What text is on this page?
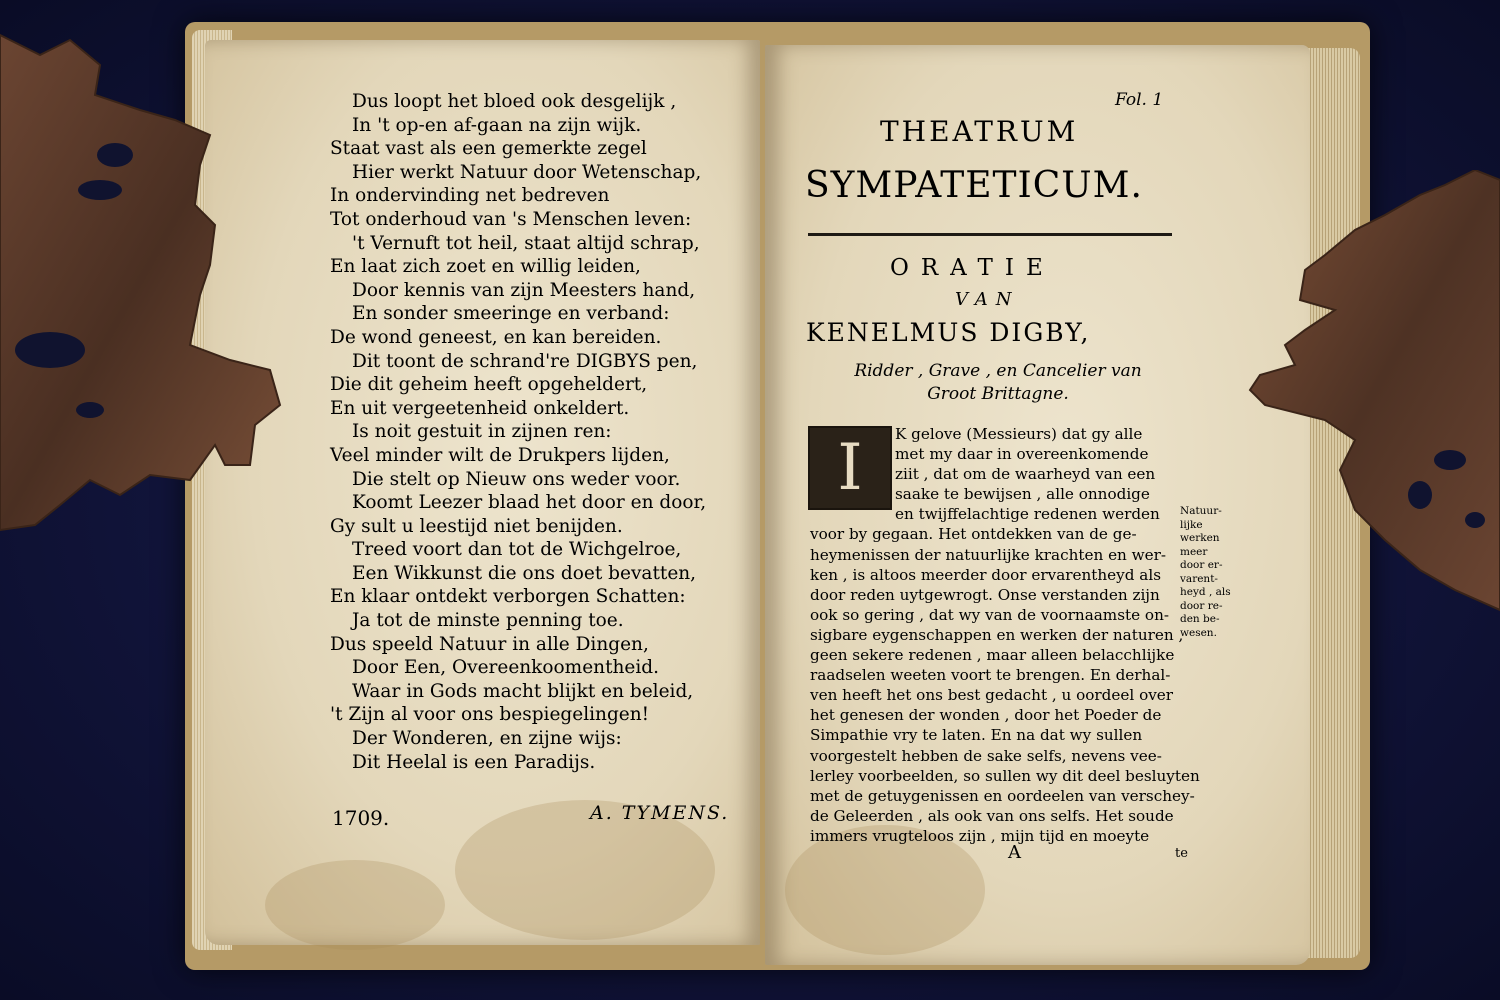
Dus loopt het bloed ook desgelijk ,
In 't op-en af-gaan na zijn wijk.
Staat vast als een gemerkte zegel
Hier werkt Natuur door Wetenschap,
In ondervinding net bedreven
Tot onderhoud van 's Menschen leven:
't Vernuft tot heil, staat altijd schrap,
En laat zich zoet en willig leiden,
Door kennis van zijn Meesters hand,
En sonder smeeringe en verband:
De wond geneest, en kan bereiden.
Dit toont de schrand're DIGBYS pen,
Die dit geheim heeft opgeheldert,
En uit vergeetenheid onkeldert.
Is noit gestuit in zijnen ren:
Veel minder wilt de Drukpers lijden,
Die stelt op Nieuw ons weder voor.
Koomt Leezer blaad het door en door,
Gy sult u leestijd niet benijden.
Treed voort dan tot de Wichgelroe,
Een Wikkunst die ons doet bevatten,
En klaar ontdekt verborgen Schatten:
Ja tot de minste penning toe.
Dus speeld Natuur in alle Dingen,
Door Een, Overeenkoomentheid.
Waar in Gods macht blijkt en beleid,
't Zijn al voor ons bespiegelingen!
Der Wonderen, en zijne wijs:
Dit Heelal is een Paradijs.
1709.	A. TYMENS.
Fol. 1
THEATRUM
SYMPATETICUM.
ORATIE
VAN
KENELMUS DIGBY,
Ridder , Grave , en Cancelier van
Groot Brittagne.
I	K gelove (Messieurs) dat gy alle
met my daar in overeenkomende
ziit , dat om de waarheyd van een
saake te bewijsen , alle onnodige
en twijffelachtige redenen werden
voor by gegaan. Het ontdekken van de ge-
heymenissen der natuurlijke krachten en wer-
ken , is altoos meerder door ervarentheyd als
door reden uytgewrogt. Onse verstanden zijn
ook so gering , dat wy van de voornaamste on-
sigbare eygenschappen en werken der naturen ,
geen sekere redenen , maar alleen belacchlijke
raadselen weeten voort te brengen. En derhal-
ven heeft het ons best gedacht , u oordeel over
het genesen der wonden , door het Poeder de
Simpathie vry te laten. En na dat wy sullen
voorgestelt hebben de sake selfs, nevens vee-
lerley voorbeelden, so sullen wy dit deel besluyten
met de getuygenissen en oordeelen van verschey-
de Geleerden , als ook van ons selfs. Het soude
immers vrugteloos zijn , mijn tijd en moeyte
Natuur-
lijke
werken
meer
door er-
varent-
heyd , als
door re-
den be-
wesen.
A	te
